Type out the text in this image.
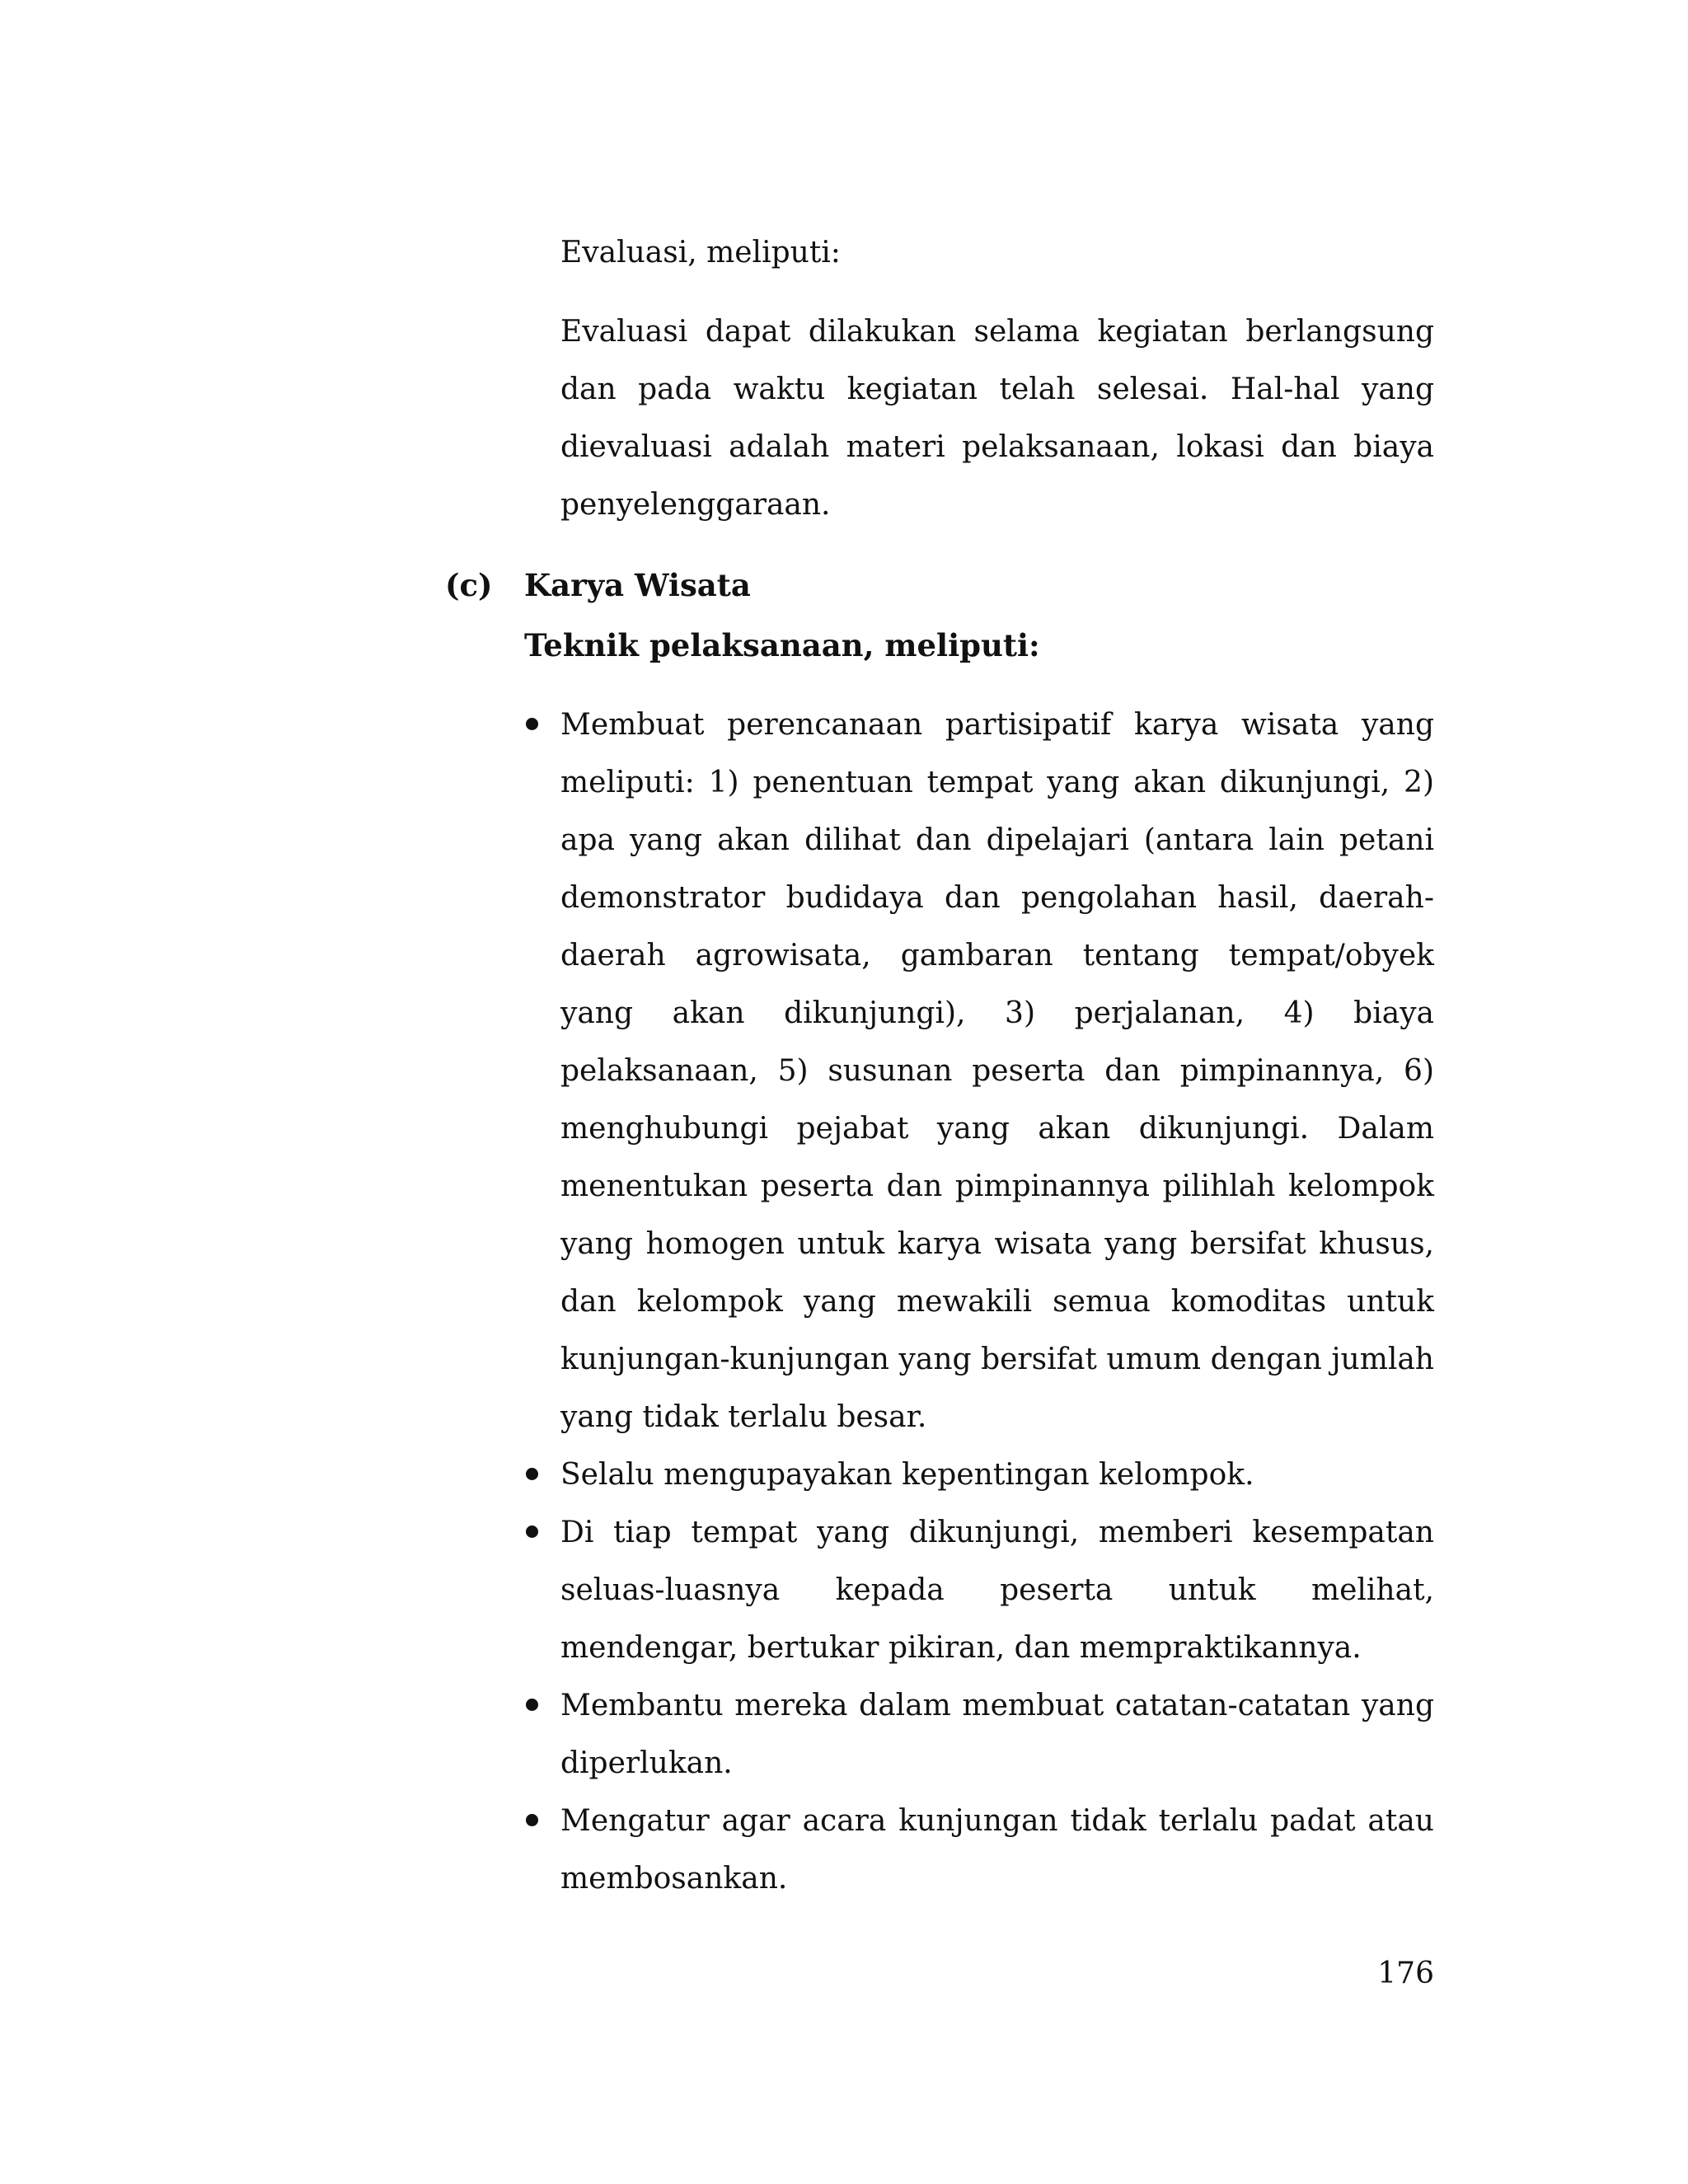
Evaluasi, meliputi:

Evaluasi dapat dilakukan selama kegiatan berlangsung dan pada waktu kegiatan telah selesai. Hal-hal yang dievaluasi adalah materi pelaksanaan, lokasi dan biaya penyelenggaraan.

(c) Karya Wisata
Teknik pelaksanaan, meliputi:
Membuat perencanaan partisipatif karya wisata yang meliputi: 1) penentuan tempat yang akan dikunjungi, 2) apa yang akan dilihat dan dipelajari (antara lain petani demonstrator budidaya dan pengolahan hasil, daerah-daerah agrowisata, gambaran tentang tempat/obyek yang akan dikunjungi), 3) perjalanan, 4) biaya pelaksanaan, 5) susunan peserta dan pimpinannya, 6) menghubungi pejabat yang akan dikunjungi. Dalam menentukan peserta dan pimpinannya pilihlah kelompok yang homogen untuk karya wisata yang bersifat khusus, dan kelompok yang mewakili semua komoditas untuk kunjungan-kunjungan yang bersifat umum dengan jumlah yang tidak terlalu besar.
Selalu mengupayakan kepentingan kelompok.
Di tiap tempat yang dikunjungi, memberi kesempatan seluas-luasnya kepada peserta untuk melihat, mendengar, bertukar pikiran, dan mempraktikannya.
Membantu mereka dalam membuat catatan-catatan yang diperlukan.
Mengatur agar acara kunjungan tidak terlalu padat atau membosankan.
176
